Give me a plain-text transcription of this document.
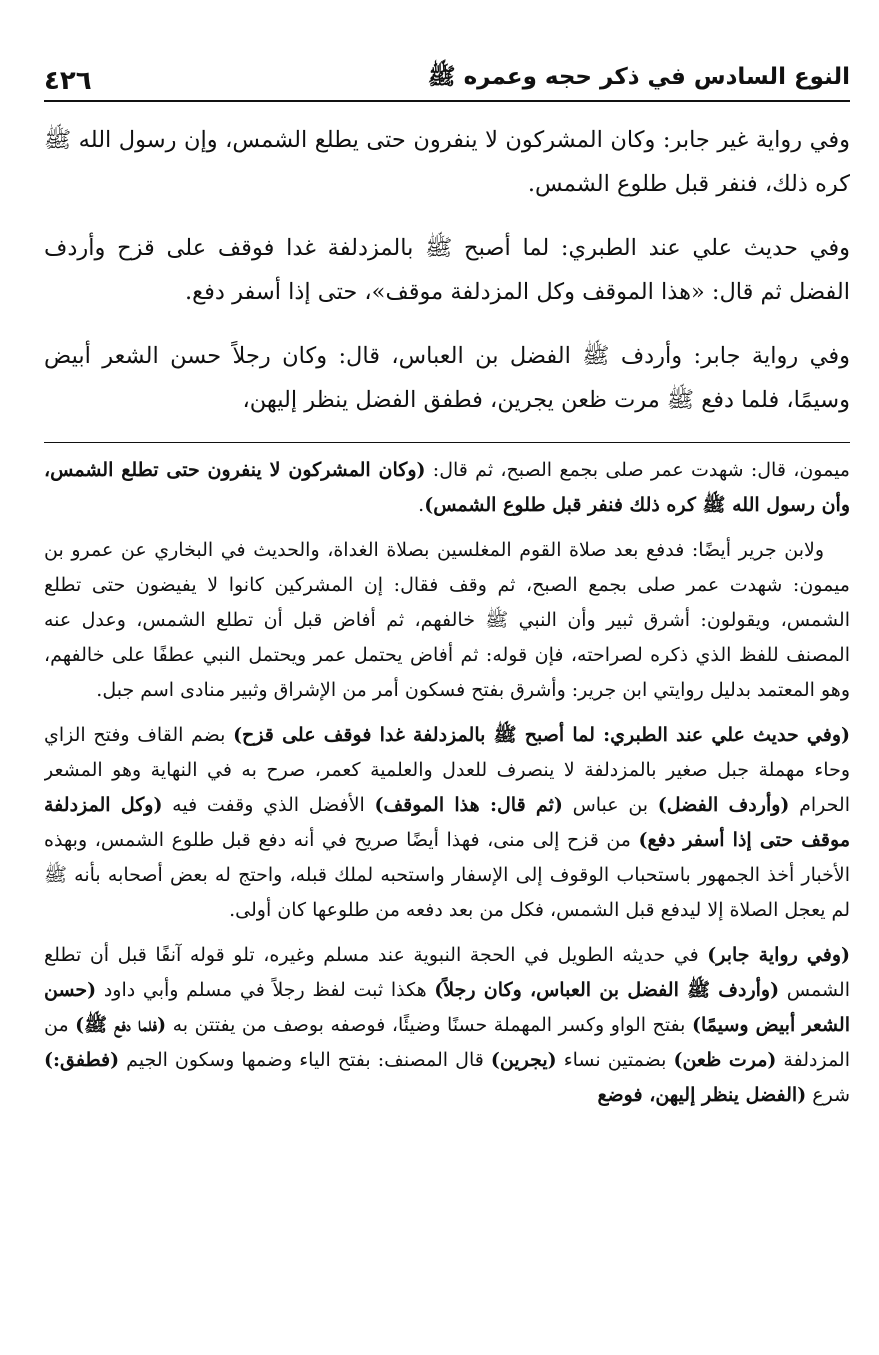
النوع السادس في ذكر حجه وعمره ﷺ
٤٢٦

وفي رواية غير جابر: وكان المشركون لا ينفرون حتى يطلع الشمس، وإن رسول الله ﷺ كره ذلك، فنفر قبل طلوع الشمس.

وفي حديث علي عند الطبري: لما أصبح ﷺ بالمزدلفة غدا فوقف على قزح وأردف الفضل ثم قال: «هذا الموقف وكل المزدلفة موقف»، حتى إذا أسفر دفع.

وفي رواية جابر: وأردف ﷺ الفضل بن العباس، قال: وكان رجلاً حسن الشعر أبيض وسيمًا، فلما دفع ﷺ مرت ظعن يجرين، فطفق الفضل ينظر إليهن،

ميمون، قال: شهدت عمر صلى بجمع الصبح، ثم قال: (وكان المشركون لا ينفرون حتى تطلع الشمس، وأن رسول الله ﷺ كره ذلك فنفر قبل طلوع الشمس).

ولابن جرير أيضًا: فدفع بعد صلاة القوم المغلسين بصلاة الغداة، والحديث في البخاري عن عمرو بن ميمون: شهدت عمر صلى بجمع الصبح، ثم وقف فقال: إن المشركين كانوا لا يفيضون حتى تطلع الشمس، ويقولون: أشرق ثبير وأن النبي ﷺ خالفهم، ثم أفاض قبل أن تطلع الشمس، وعدل عنه المصنف للفظ الذي ذكره لصراحته، فإن قوله: ثم أفاض يحتمل عمر ويحتمل النبي عطفًا على خالفهم، وهو المعتمد بدليل روايتي ابن جرير: وأشرق بفتح فسكون أمر من الإشراق وثبير منادى اسم جبل.

(وفي حديث علي عند الطبري: لما أصبح ﷺ بالمزدلفة غدا فوقف على قزح) بضم القاف وفتح الزاي وحاء مهملة جبل صغير بالمزدلفة لا ينصرف للعدل والعلمية كعمر، صرح به في النهاية وهو المشعر الحرام (وأردف الفضل) بن عباس (ثم قال: هذا الموقف) الأفضل الذي وقفت فيه (وكل المزدلفة موقف حتى إذا أسفر دفع) من قزح إلى منى، فهذا أيضًا صريح في أنه دفع قبل طلوع الشمس، وبهذه الأخبار أخذ الجمهور باستحباب الوقوف إلى الإسفار واستحبه لملك قبله، واحتج له بعض أصحابه بأنه ﷺ لم يعجل الصلاة إلا ليدفع قبل الشمس، فكل من بعد دفعه من طلوعها كان أولى.

(وفي رواية جابر) في حديثه الطويل في الحجة النبوية عند مسلم وغيره، تلو قوله آنفًا قبل أن تطلع الشمس (وأردف ﷺ الفضل بن العباس، وكان رجلاً) هكذا ثبت لفظ رجلاً في مسلم وأبي داود (حسن الشعر أبيض وسيمًا) بفتح الواو وكسر المهملة حسنًا وضيئًا، فوصفه بوصف من يفتتن به (فلما دفع ﷺ) من المزدلفة (مرت ظعن) بضمتين نساء (يجرين) قال المصنف: بفتح الياء وضمها وسكون الجيم (فطفق:) شرع (الفضل ينظر إليهن، فوضع
